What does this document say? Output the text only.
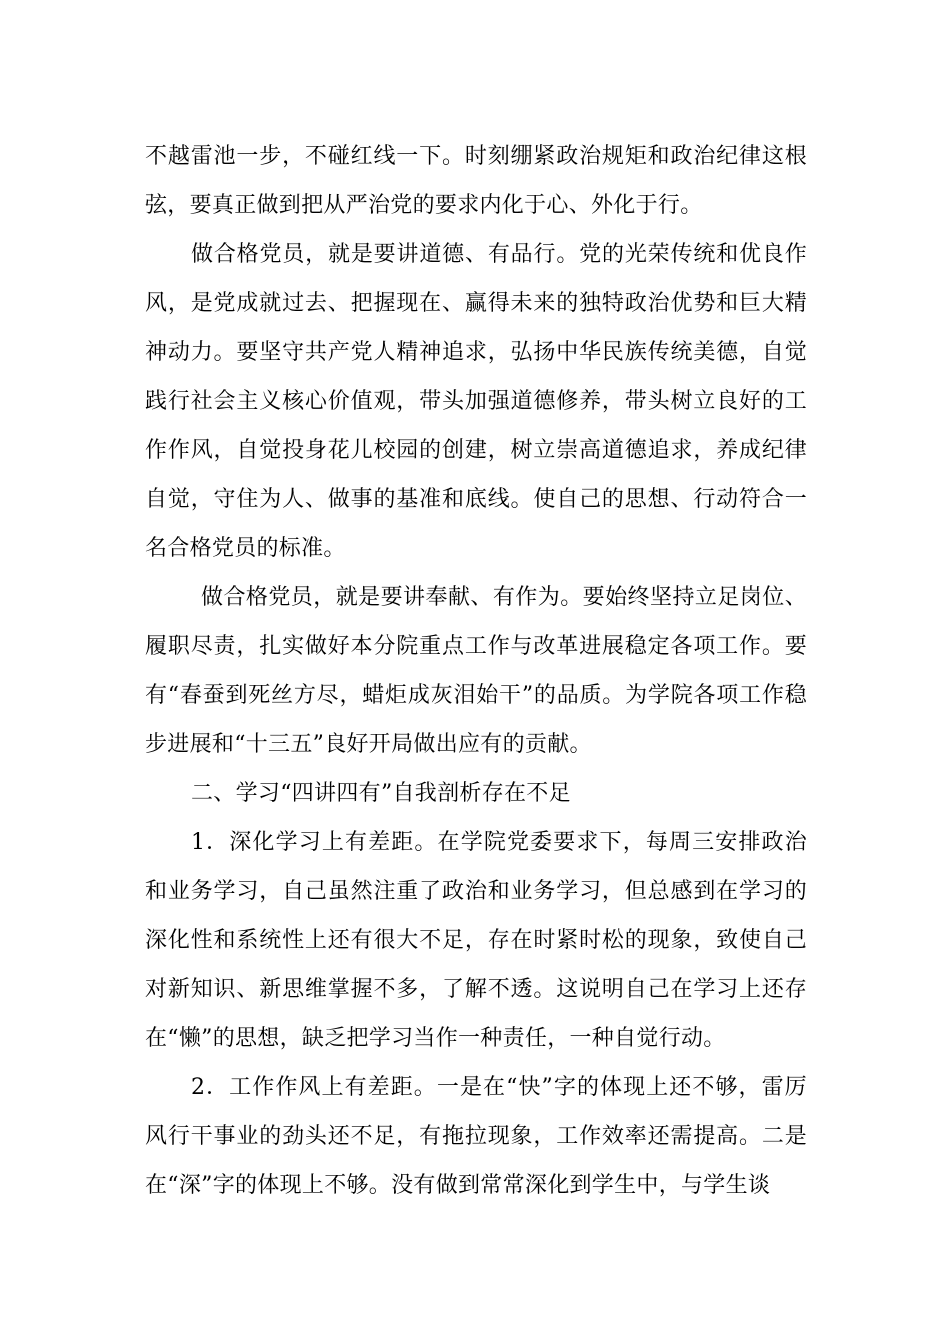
不越雷池一步，不碰红线一下。时刻绷紧政治规矩和政治纪律这根弦，要真正做到把从严治党的要求内化于心、外化于行。

做合格党员，就是要讲道德、有品行。党的光荣传统和优良作风，是党成就过去、把握现在、赢得未来的独特政治优势和巨大精神动力。要坚守共产党人精神追求，弘扬中华民族传统美德，自觉践行社会主义核心价值观，带头加强道德修养，带头树立良好的工作作风，自觉投身花儿校园的创建，树立崇高道德追求，养成纪律自觉，守住为人、做事的基准和底线。使自己的思想、行动符合一名合格党员的标准。

做合格党员，就是要讲奉献、有作为。要始终坚持立足岗位、履职尽责，扎实做好本分院重点工作与改革进展稳定各项工作。要有“春蚕到死丝方尽，蜡炬成灰泪始干”的品质。为学院各项工作稳步进展和“十三五”良好开局做出应有的贡献。

二、学习“四讲四有”自我剖析存在不足

1．深化学习上有差距。在学院党委要求下，每周三安排政治和业务学习，自己虽然注重了政治和业务学习，但总感到在学习的深化性和系统性上还有很大不足，存在时紧时松的现象，致使自己对新知识、新思维掌握不多，了解不透。这说明自己在学习上还存在“懒”的思想，缺乏把学习当作一种责任，一种自觉行动。

2．工作作风上有差距。一是在“快”字的体现上还不够，雷厉风行干事业的劲头还不足，有拖拉现象，工作效率还需提高。二是在“深”字的体现上不够。没有做到常常深化到学生中，与学生谈
